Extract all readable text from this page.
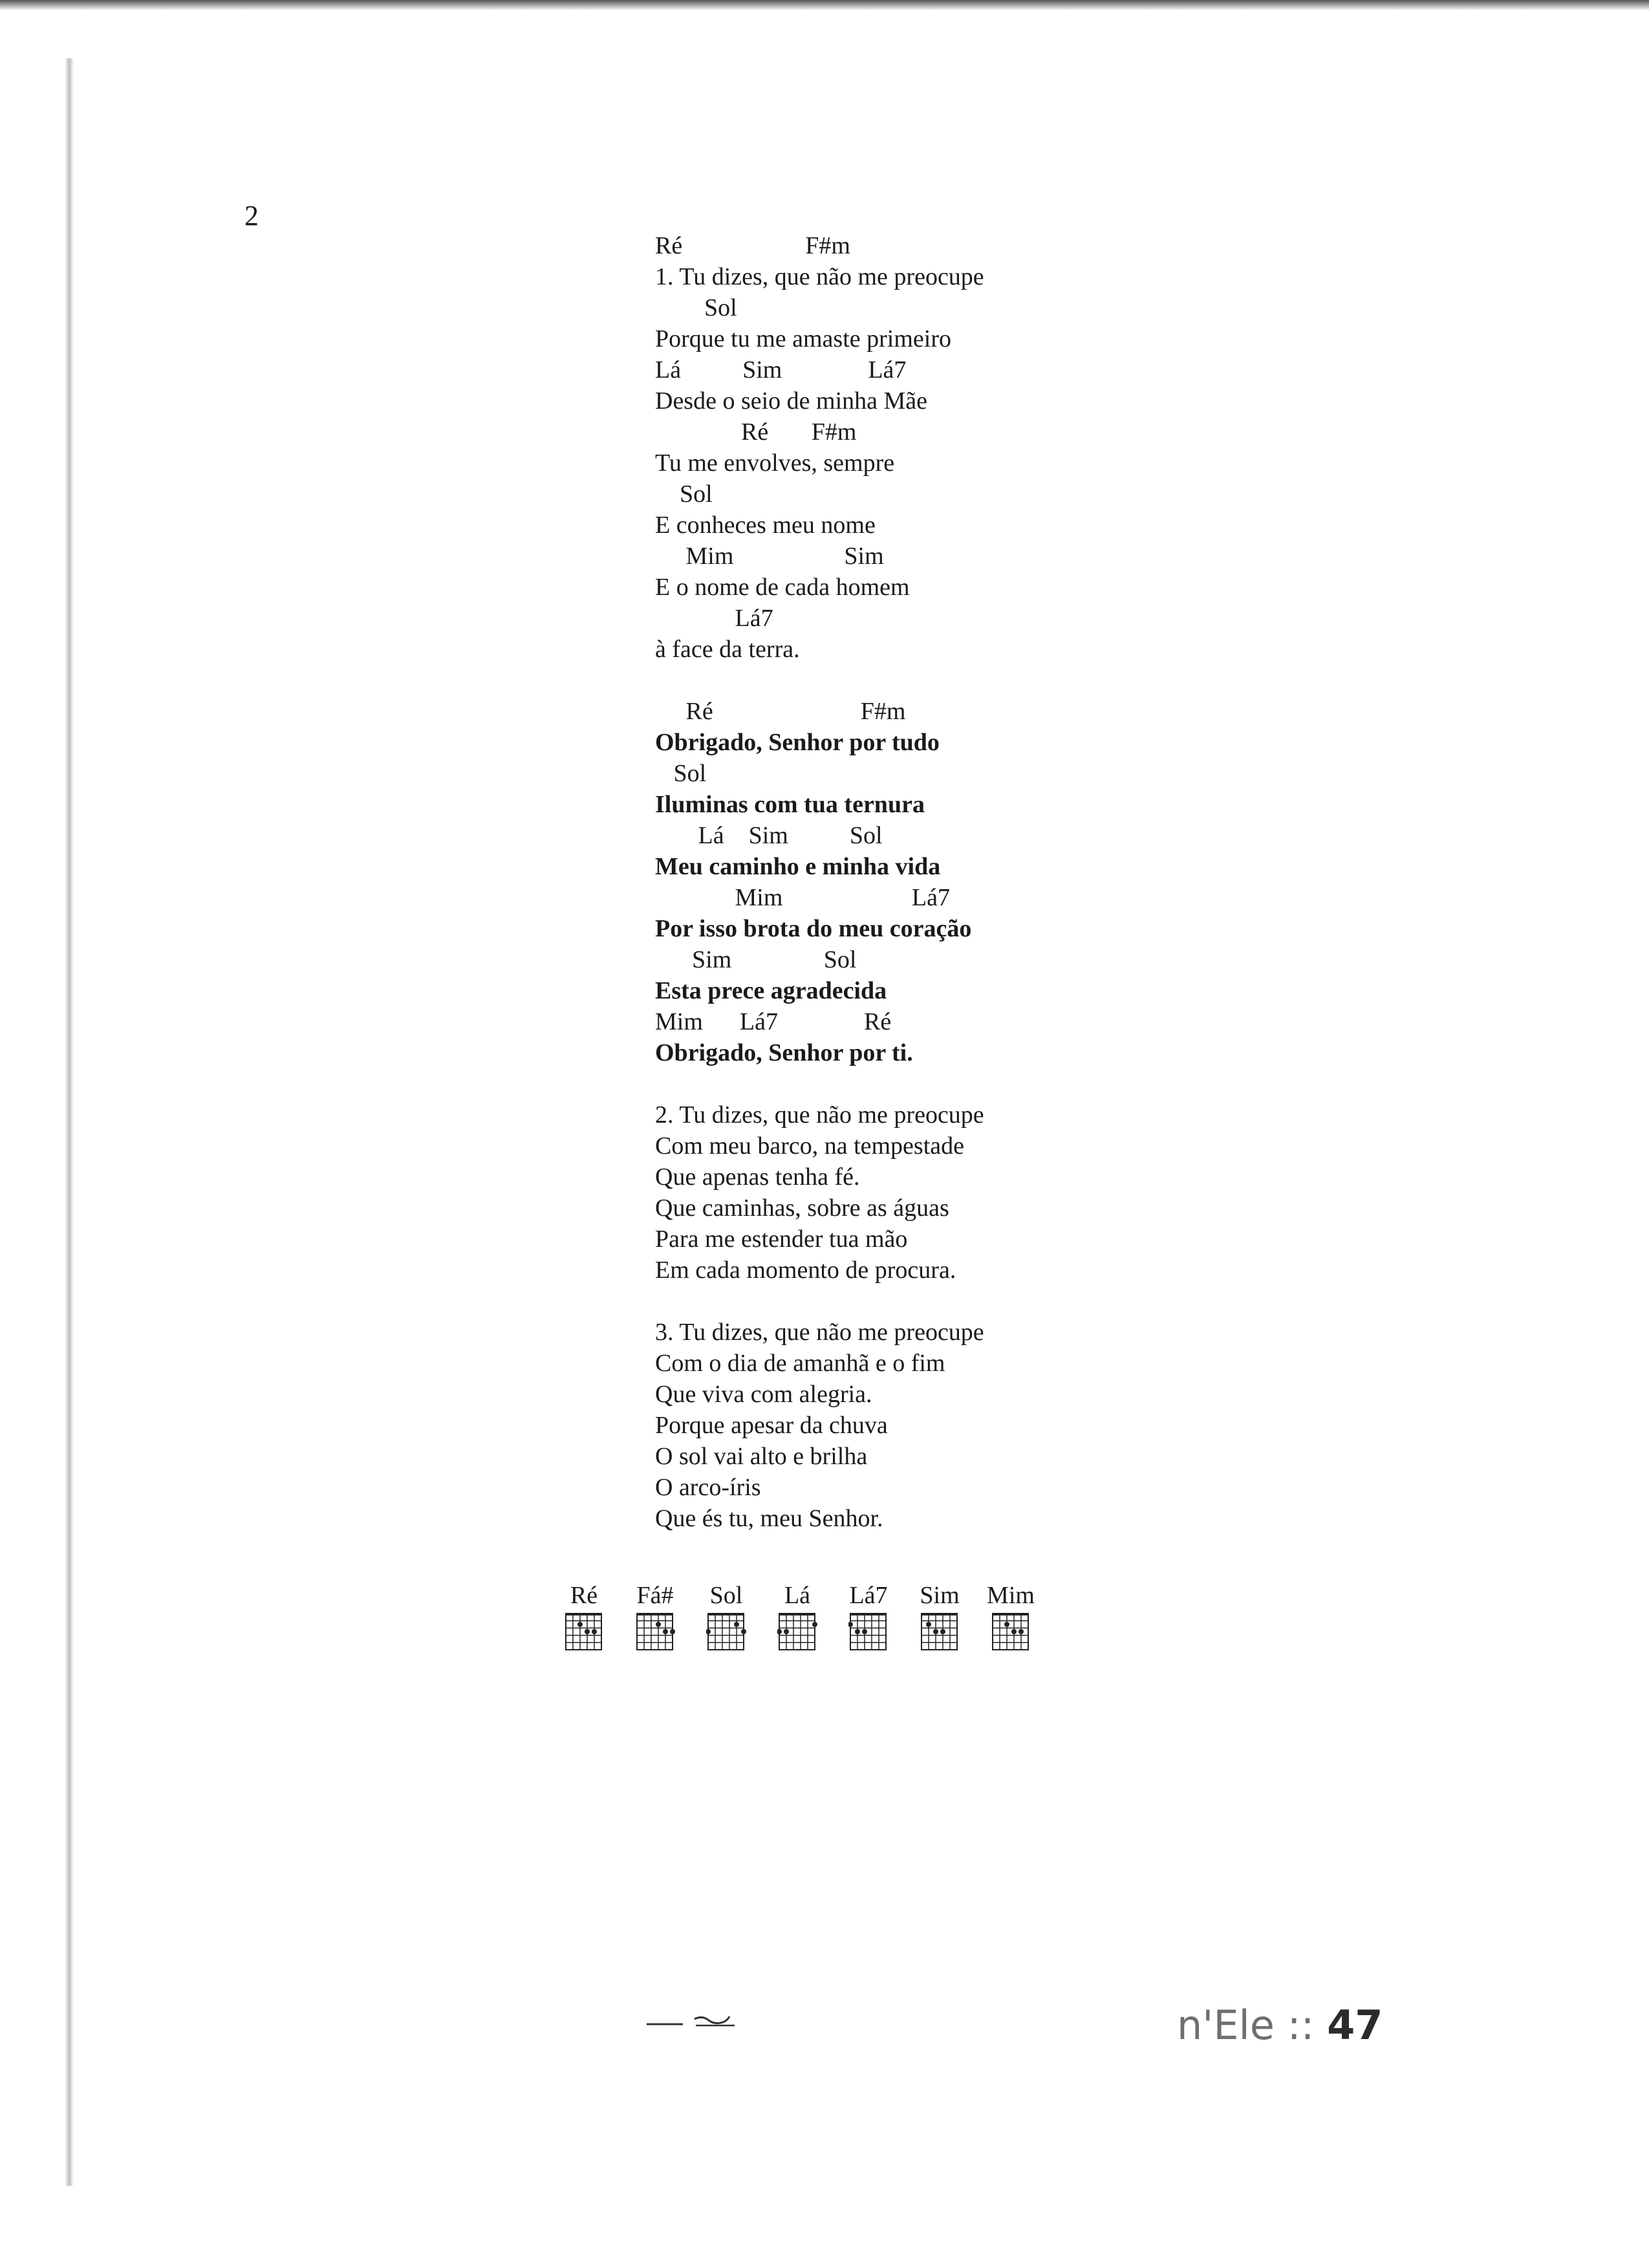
2
Ré                    F#m
1. Tu dizes, que não me preocupe
Sol
Porque tu me amaste primeiro
Lá          Sim              Lá7
Desde o seio de minha Mãe
Ré       F#m
Tu me envolves, sempre
Sol
E conheces meu nome
Mim                  Sim
E o nome de cada homem
Lá7
à face da terra.
Ré                        F#m
Obrigado, Senhor por tudo
Sol
Iluminas com tua ternura
Lá    Sim          Sol
Meu caminho e minha vida
Mim                     Lá7
Por isso brota do meu coração
Sim               Sol
Esta prece agradecida
Mim      Lá7              Ré
Obrigado, Senhor por ti.
2. Tu dizes, que não me preocupe
Com meu barco, na tempestade
Que apenas tenha fé.
Que caminhas, sobre as águas
Para me estender tua mão
Em cada momento de procura.
3. Tu dizes, que não me preocupe
Com o dia de amanhã e o fim
Que viva com alegria.
Porque apesar da chuva
O sol vai alto e brilha
O arco-íris
Que és tu, meu Senhor.
Ré	Fá#	Sol	Lá	Lá7	Sim	Mim
n'Ele :: 47
